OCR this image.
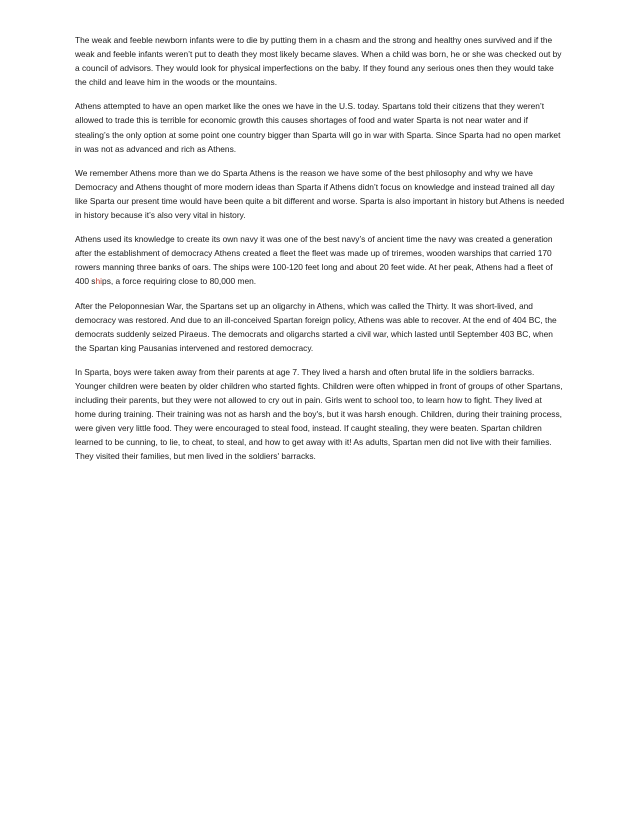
The weak and feeble newborn infants were to die by putting them in a chasm and the strong and healthy ones survived and if the weak and feeble infants weren’t put to death they most likely became slaves. When a child was born, he or she was checked out by a council of advisors. They would look for physical imperfections on the baby. If they found any serious ones then they would take the child and leave him in the woods or the mountains.

Athens attempted to have an open market like the ones we have in the U.S. today. Spartans told their citizens that they weren’t allowed to trade this is terrible for economic growth this causes shortages of food and water Sparta is not near water and if stealing’s the only option at some point one country bigger than Sparta will go in war with Sparta. Since Sparta had no open market in was not as advanced and rich as Athens.

We remember Athens more than we do Sparta Athens is the reason we have some of the best philosophy and why we have Democracy and Athens thought of more modern ideas than Sparta if Athens didn’t focus on knowledge and instead trained all day like Sparta our present time would have been quite a bit different and worse. Sparta is also important in history but Athens is needed in history because it’s also very vital in history.

Athens used its knowledge to create its own navy it was one of the best navy’s of ancient time the navy was created a generation after the establishment of democracy Athens created a fleet the fleet was made up of triremes, wooden warships that carried 170 rowers manning three banks of oars. The ships were 100-120 feet long and about 20 feet wide. At her peak, Athens had a fleet of 400 ships, a force requiring close to 80,000 men.

After the Peloponnesian War, the Spartans set up an oligarchy in Athens, which was called the Thirty. It was short-lived, and democracy was restored. And due to an ill-conceived Spartan foreign policy, Athens was able to recover. At the end of 404 BC, the democrats suddenly seized Piraeus. The democrats and oligarchs started a civil war, which lasted until September 403 BC, when the Spartan king Pausanias intervened and restored democracy.

In Sparta, boys were taken away from their parents at age 7. They lived a harsh and often brutal life in the soldiers barracks. Younger children were beaten by older children who started fights. Children were often whipped in front of groups of other Spartans, including their parents, but they were not allowed to cry out in pain. Girls went to school too, to learn how to fight. They lived at home during training. Their training was not as harsh and the boy's, but it was harsh enough. Children, during their training process, were given very little food. They were encouraged to steal food, instead. If caught stealing, they were beaten. Spartan children learned to be cunning, to lie, to cheat, to steal, and how to get away with it! As adults, Spartan men did not live with their families. They visited their families, but men lived in the soldiers' barracks.
